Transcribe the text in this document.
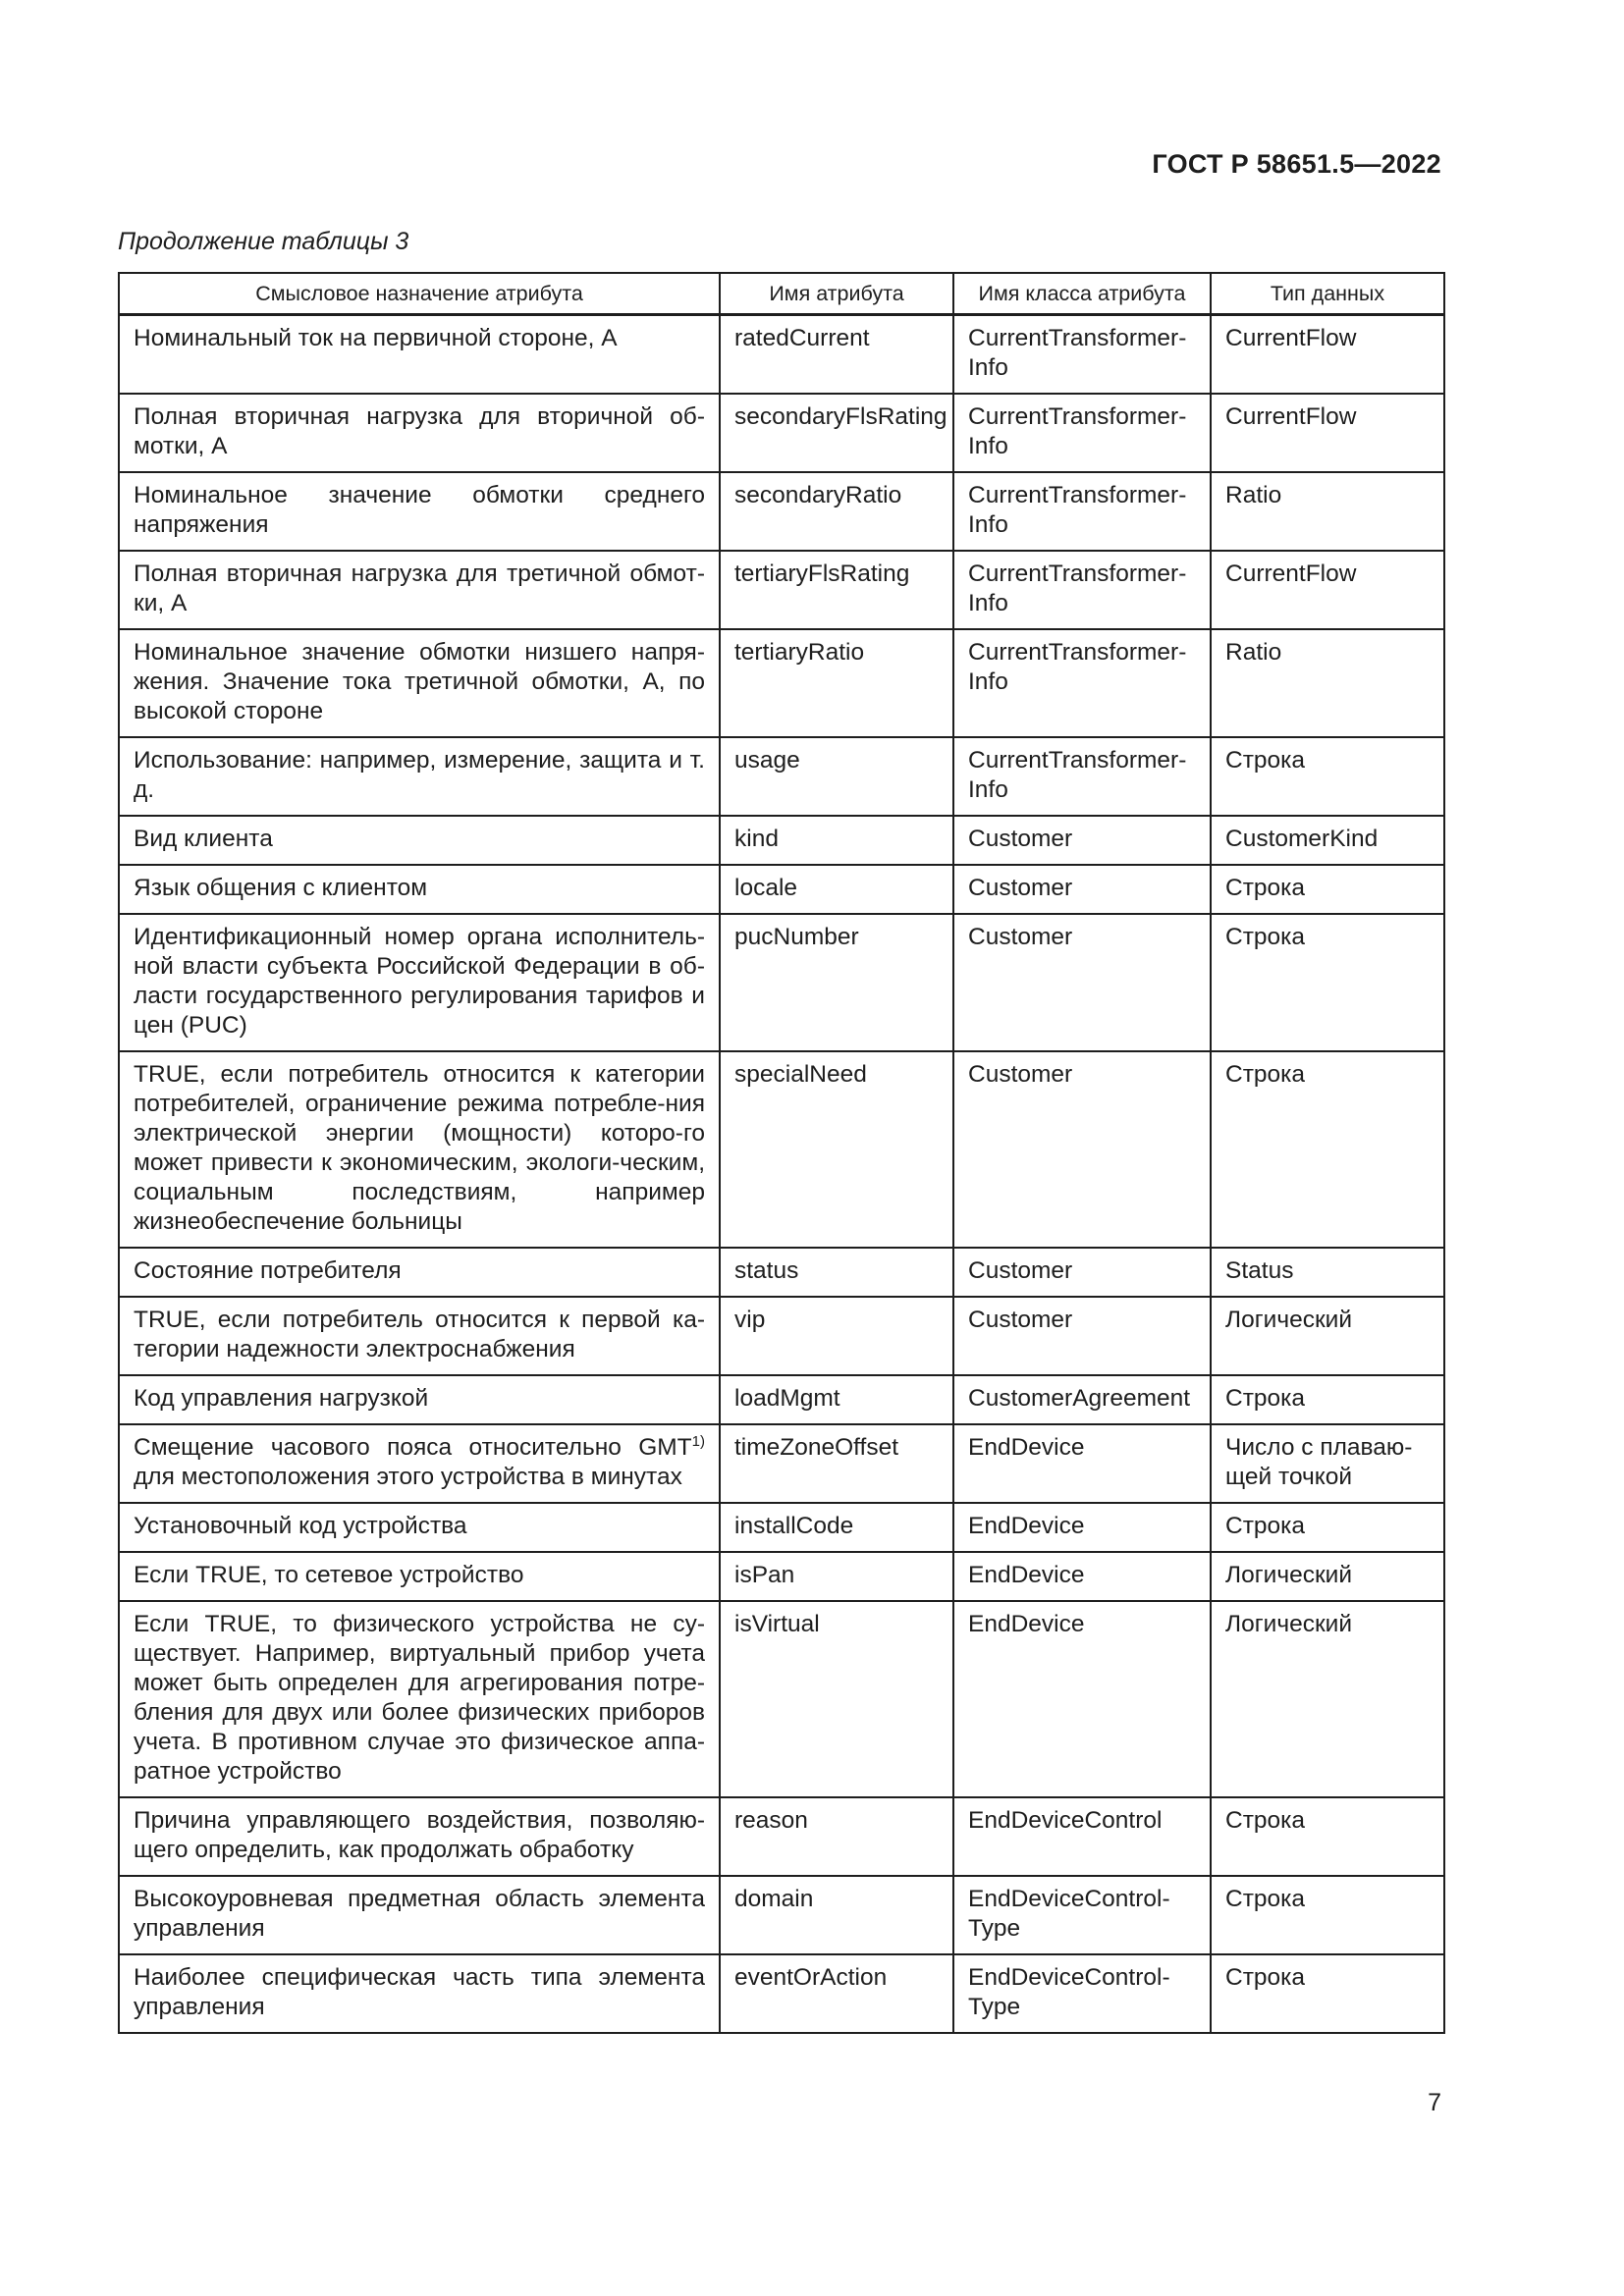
ГОСТ Р 58651.5—2022
Продолжение таблицы 3
Смысловое назначение атрибута	Имя атрибута	Имя класса атрибута	Тип данных
Номинальный ток на первичной стороне, А	ratedCurrent	CurrentTransformer-Info	CurrentFlow
Полная вторичная нагрузка для вторичной об-мотки, А	secondaryFlsRating	CurrentTransformer-Info	CurrentFlow
Номинальное значение обмотки среднего напряжения	secondaryRatio	CurrentTransformer-Info	Ratio
Полная вторичная нагрузка для третичной обмот-ки, А	tertiaryFlsRating	CurrentTransformer-Info	CurrentFlow
Номинальное значение обмотки низшего напря-жения. Значение тока третичной обмотки, А, по высокой стороне	tertiaryRatio	CurrentTransformer-Info	Ratio
Использование: например, измерение, защита и т. д.	usage	CurrentTransformer-Info	Строка
Вид клиента	kind	Customer	CustomerKind
Язык общения с клиентом	locale	Customer	Строка
Идентификационный номер органа исполнитель-ной власти субъекта Российской Федерации в об-ласти государственного регулирования тарифов и цен (PUC)	pucNumber	Customer	Строка
TRUE, если потребитель относится к категории потребителей, ограничение режима потребле-ния электрической энергии (мощности) которо-го может привести к экономическим, экологи-ческим, социальным последствиям, например жизнеобеспечение больницы	specialNeed	Customer	Строка
Состояние потребителя	status	Customer	Status
TRUE, если потребитель относится к первой ка-тегории надежности электроснабжения	vip	Customer	Логический
Код управления нагрузкой	loadMgmt	CustomerAgreement	Строка
Смещение часового пояса относительно GMT$^{1)}$ для местоположения этого устройства в минутах	timeZoneOffset	EndDevice	Число с плаваю-щей точкой
Установочный код устройства	installCode	EndDevice	Строка
Если TRUE, то сетевое устройство	isPan	EndDevice	Логический
Если TRUE, то физического устройства не су-ществует. Например, виртуальный прибор учета может быть определен для агрегирования потре-бления для двух или более физических приборов учета. В противном случае это физическое аппа-ратное устройство	isVirtual	EndDevice	Логический
Причина управляющего воздействия, позволяю-щего определить, как продолжать обработку	reason	EndDeviceControl	Строка
Высокоуровневая предметная область элемента управления	domain	EndDeviceControl-Type	Строка
Наиболее специфическая часть типа элемента управления	eventOrAction	EndDeviceControl-Type	Строка
7
